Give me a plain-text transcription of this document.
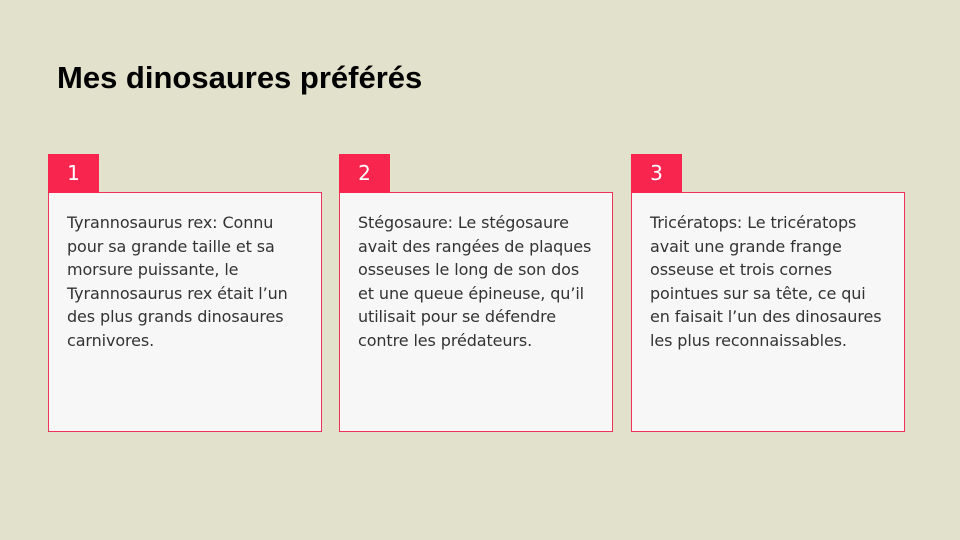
Mes dinosaures préférés

Tyrannosaurus rex: Connu pour sa grande taille et sa morsure puissante, le Tyrannosaurus rex était l’un des plus grands dinosaures carnivores.

1

Stégosaure: Le stégosaure avait des rangées de plaques osseuses le long de son dos et une queue épineuse, qu’il utilisait pour se défendre contre les prédateurs.

2

Tricératops: Le tricératops avait une grande frange osseuse et trois cornes pointues sur sa tête, ce qui en faisait l’un des dinosaures les plus reconnaissables.

3
